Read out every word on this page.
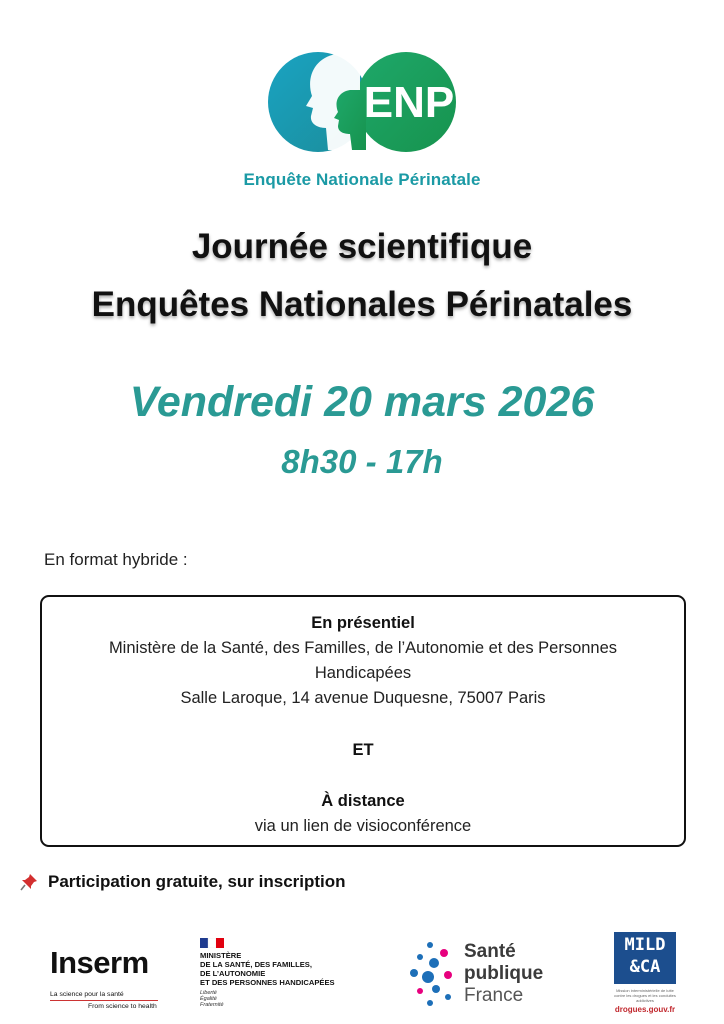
ENP
Enquête Nationale Périnatale
Journée scientifique
Enquêtes Nationales Périnatales
Vendredi 20 mars 2026
8h30 - 17h
En format hybride :
En présentiel
Ministère de la Santé, des Familles, de l’Autonomie et des Personnes
Handicapées
Salle Laroque, 14 avenue Duquesne, 75007 Paris
ET
À distance
via un lien de visioconférence
Participation gratuite, sur inscription
Inserm
La science pour la santé
From science to health
MINISTÈRE
DE LA SANTÉ, DES FAMILLES,
DE L’AUTONOMIE
ET DES PERSONNES HANDICAPÉES
Liberté
Égalité
Fraternité
Santé
publique
France
MILD
&CA
Mission interministérielle de lutte contre les drogues et les conduites addictives
drogues.gouv.fr
